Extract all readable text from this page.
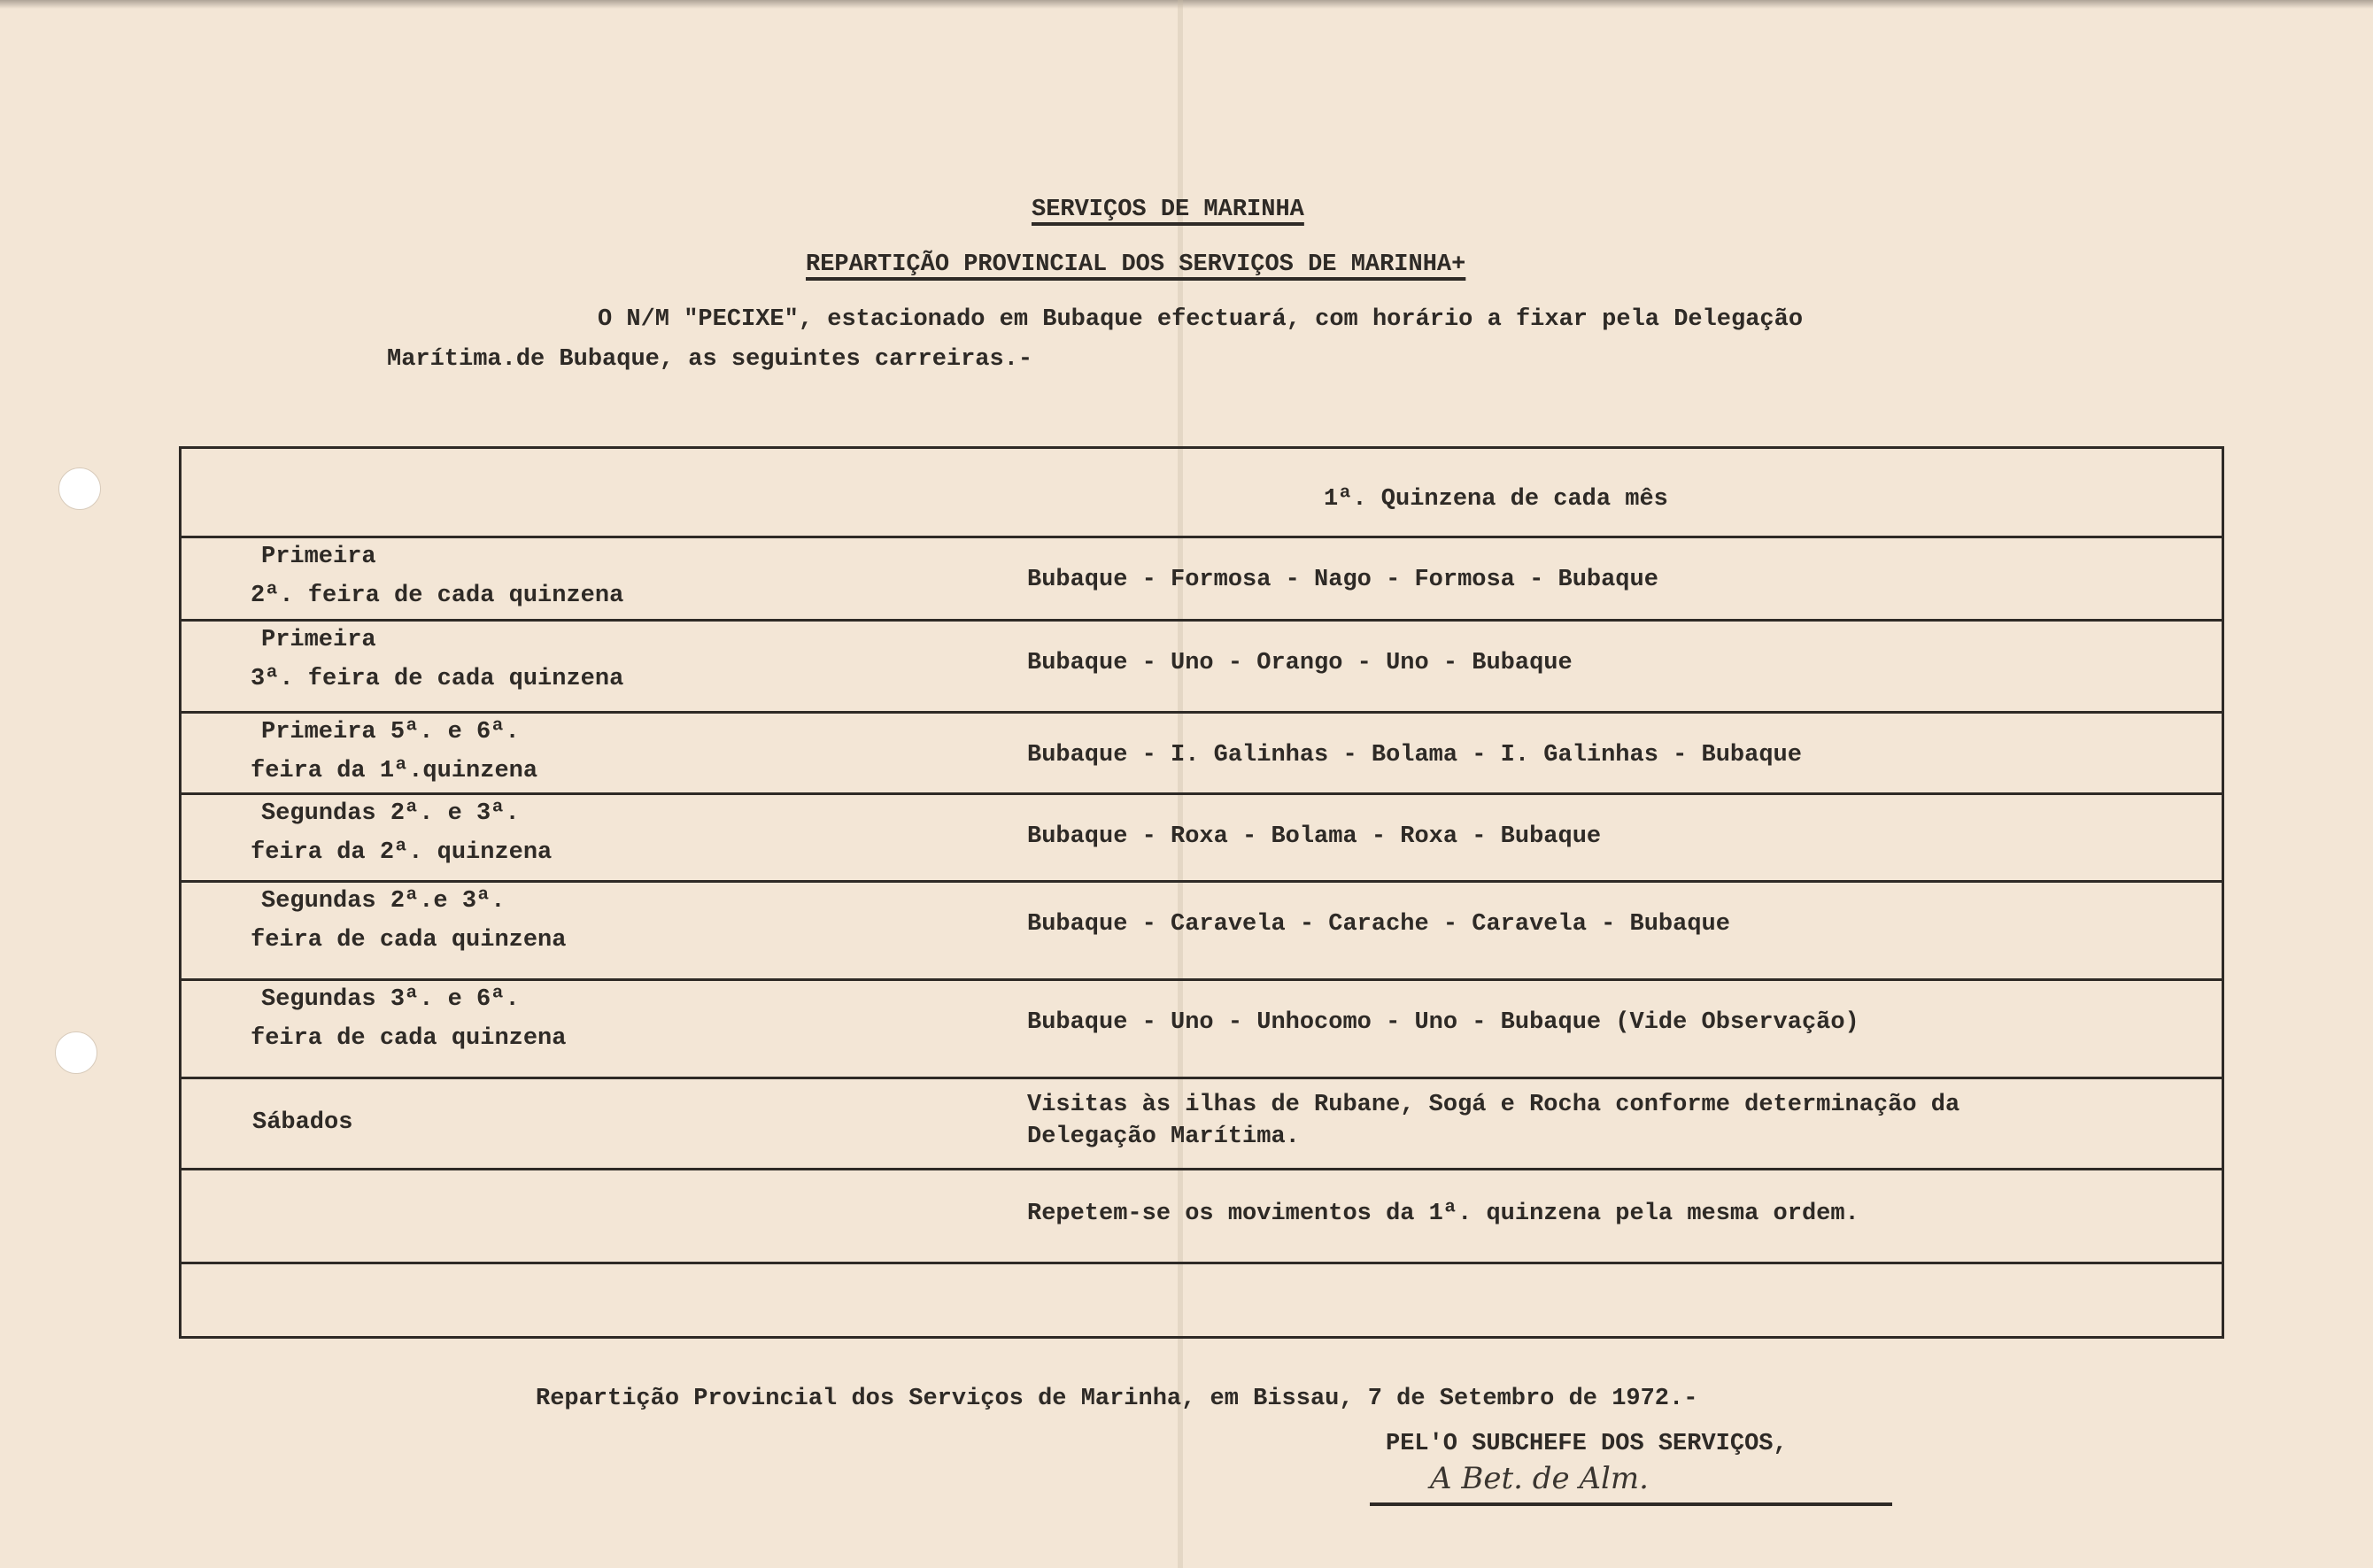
SERVIÇOS DE MARINHA
REPARTIÇÃO PROVINCIAL DOS SERVIÇOS DE MARINHA+
O N/M "PECIXE", estacionado em Bubaque efectuará, com horário a fixar pela Delegação
Marítima.de Bubaque, as seguintes carreiras.-
1ª. Quinzena de cada mês
Primeira
2ª. feira de cada quinzena
Bubaque - Formosa - Nago - Formosa - Bubaque
Primeira
3ª. feira de cada quinzena
Bubaque - Uno - Orango - Uno - Bubaque
Primeira 5ª. e 6ª.
feira da 1ª.quinzena
Bubaque - I. Galinhas - Bolama - I. Galinhas - Bubaque
Segundas 2ª. e 3ª.
feira da 2ª. quinzena
Bubaque - Roxa - Bolama - Roxa - Bubaque
Segundas 2ª.e 3ª.
feira de cada quinzena
Bubaque - Caravela - Carache - Caravela - Bubaque
Segundas 3ª. e 6ª.
feira de cada quinzena
Bubaque - Uno - Unhocomo - Uno - Bubaque (Vide Observação)
Sábados
Visitas às ilhas de Rubane, Sogá e Rocha conforme determinação da
Delegação Marítima.
Repetem-se os movimentos da 1ª. quinzena pela mesma ordem.
Repartição Provincial dos Serviços de Marinha, em Bissau, 7 de Setembro de 1972.-
PEL'O SUBCHEFE DOS SERVIÇOS,
A Bet. de Alm.
